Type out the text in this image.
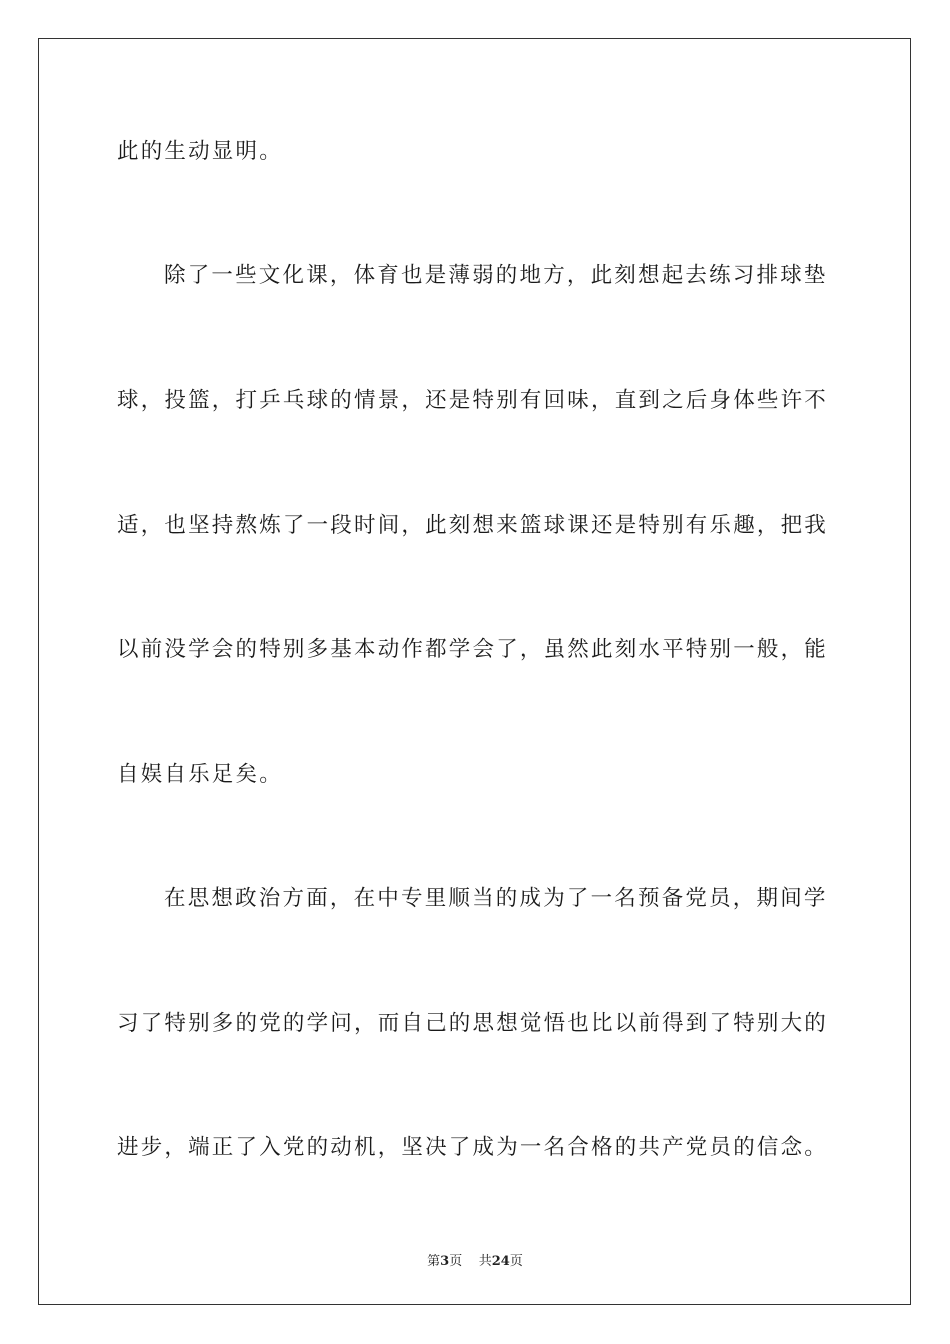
此的生动显明。
除了一些文化课，体育也是薄弱的地方，此刻想起去练习排球垫
球，投篮，打乒乓球的情景，还是特别有回味，直到之后身体些许不
适，也坚持熬炼了一段时间，此刻想来篮球课还是特别有乐趣，把我
以前没学会的特别多基本动作都学会了，虽然此刻水平特别一般，能
自娱自乐足矣。
在思想政治方面，在中专里顺当的成为了一名预备党员，期间学
习了特别多的党的学问，而自己的思想觉悟也比以前得到了特别大的
进步，端正了入党的动机，坚决了成为一名合格的共产党员的信念。
第3页 共24页
